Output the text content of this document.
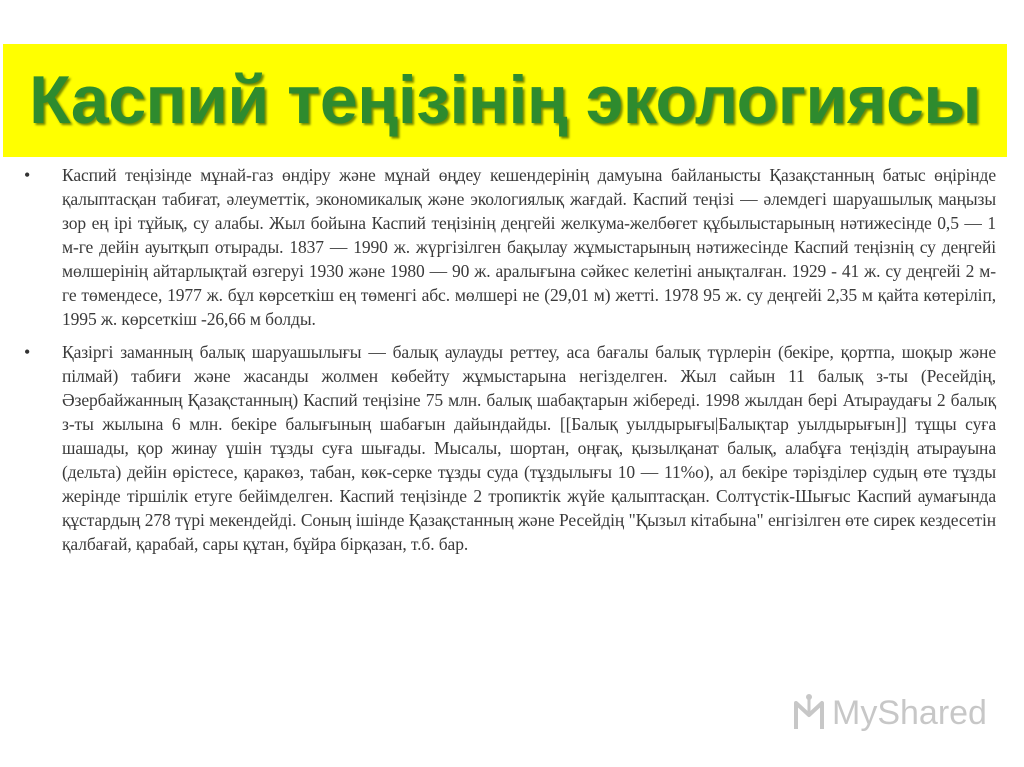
Каспий теңізінің экологиясы
• Каспий теңізінде мұнай-газ өндіру және мұнай өңдеу кешендерінің дамуына байланысты Қазақстанның батыс өңірінде қалыптасқан табиғат, әлеуметтік, экономикалық және экологиялық жағдай. Каспий теңізі — әлемдегі шаруашылық маңызы зор ең ірі тұйық, су алабы. Жыл бойына Каспий теңізінің деңгейі желкума-желбөгет құбылыстарының нәтижесінде 0,5 — 1 м-ге дейін ауытқып отырады. 1837 — 1990 ж. жүргізілген бақылау жұмыстарының нәтижесінде Каспий теңізнің су деңгейі мөлшерінің айтарлықтай өзгеруі 1930 және 1980 — 90 ж. аралығына сәйкес келетіні анықталған. 1929 - 41 ж. су деңгейі 2 м-ге төмендесе, 1977 ж. бұл көрсеткіш ең төменгі абс. мөлшері не (29,01 м) жетті. 1978 95 ж. су деңгейі 2,35 м қайта көтеріліп, 1995 ж. көрсеткіш -26,66 м болды.

• Қазіргі заманның балық шаруашылығы — балық аулауды реттеу, аса бағалы балық түрлерін (бекіре, қортпа, шоқыр және пілмай) табиғи және жасанды жолмен көбейту жұмыстарына негізделген. Жыл сайын 11 балық з-ты (Ресейдің, Әзербайжанның Қазақстанның) Каспий теңізіне 75 млн. балық шабақтарын жібереді. 1998 жылдан бері Атыраудағы 2 балық з-ты жылына 6 млн. бекіре балығының шабағын дайындайды. [[Балық уылдырығы|Балықтар уылдырығын]] тұщы суға шашады, қор жинау үшін тұзды суға шығады. Мысалы, шортан, оңғақ, қызылқанат балық, алабұға теңіздің атырауына (дельта) дейін өрістесе, қаракөз, табан, көк-серке тұзды суда (тұздылығы 10 — 11%о), ал бекіре тәріздiлер судың өте тұзды жерiнде тiршiлiк етуге бейiмделген. Каспий теңізінде 2 тропиктік жүйе қалыптасқан. Солтүстік-Шығыс Каспий аумағында құстардың 278 түрі мекендейді. Соның ішінде Қазақстанның және Ресейдің "Қызыл кітабына" енгізілген өте сирек кездесетін қалбағай, қарабай, сары құтан, бұйра бірқазан, т.б. бар.

MyShared
